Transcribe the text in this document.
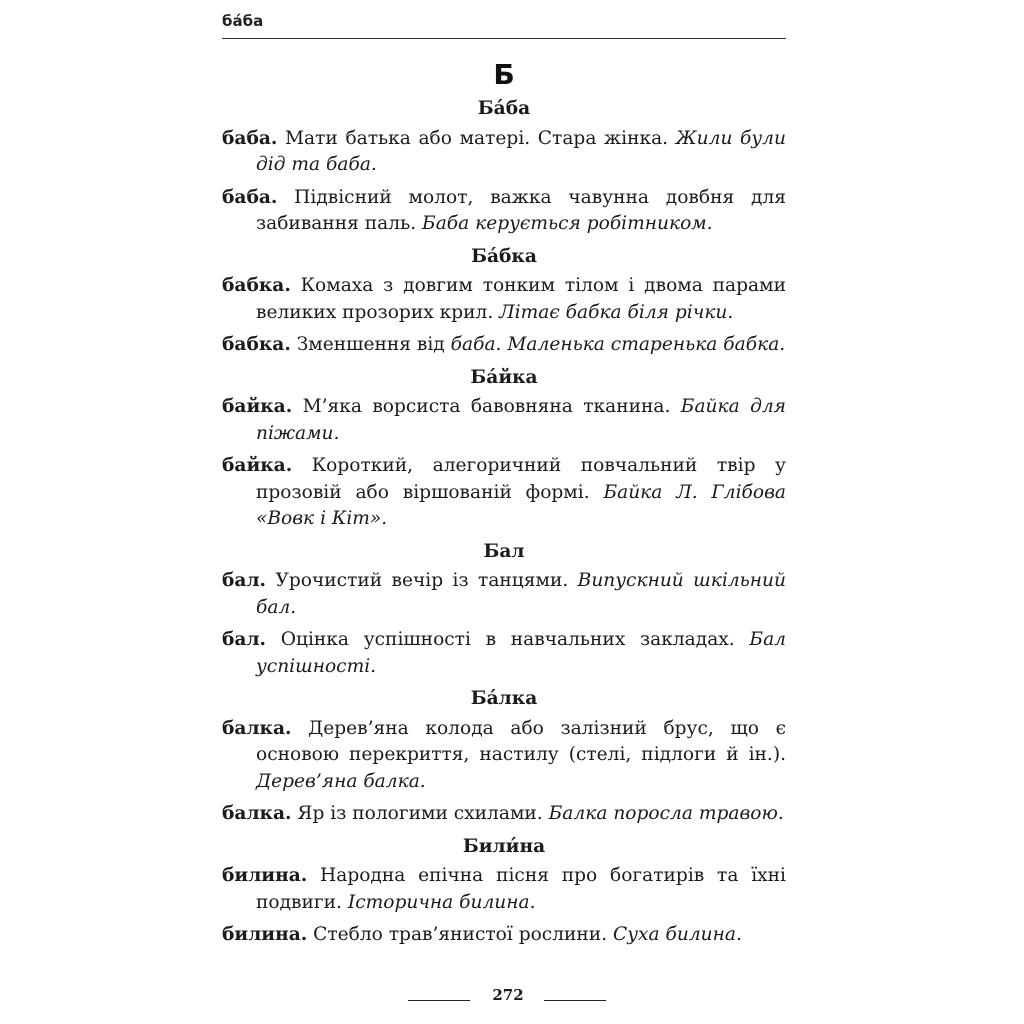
ба́ба
Б
Ба́ба
баба. Мати батька або матері. Стара жінка. Жили були дід та баба.
баба. Підвісний молот, важка чавунна довбня для забивання паль. Баба керується робітником.
Ба́бка
бабка. Комаха з довгим тонким тілом і двома парами великих прозорих крил. Літає бабка біля річки.
бабка. Зменшення від баба. Маленька старенька бабка.
Ба́йка
байка. М’яка ворсиста бавовняна тканина. Байка для піжами.
байка. Короткий, алегоричний повчальний твір у прозовій або віршованій формі. Байка Л. Глібова «Вовк і Кіт».
Бал
бал. Урочистий вечір із танцями. Випускний шкільний бал.
бал. Оцінка успішності в навчальних закладах. Бал успішності.
Ба́лка
балка. Дерев’яна колода або залізний брус, що є основою перекриття, настилу (стелі, підлоги й ін.). Дерев’яна балка.
балка. Яр із пологими схилами. Балка поросла травою.
Били́на
билина. Народна епічна пісня про богатирів та їхні подвиги. Історична билина.
билина. Стебло трав’янистої рослини. Суха билина.
272
